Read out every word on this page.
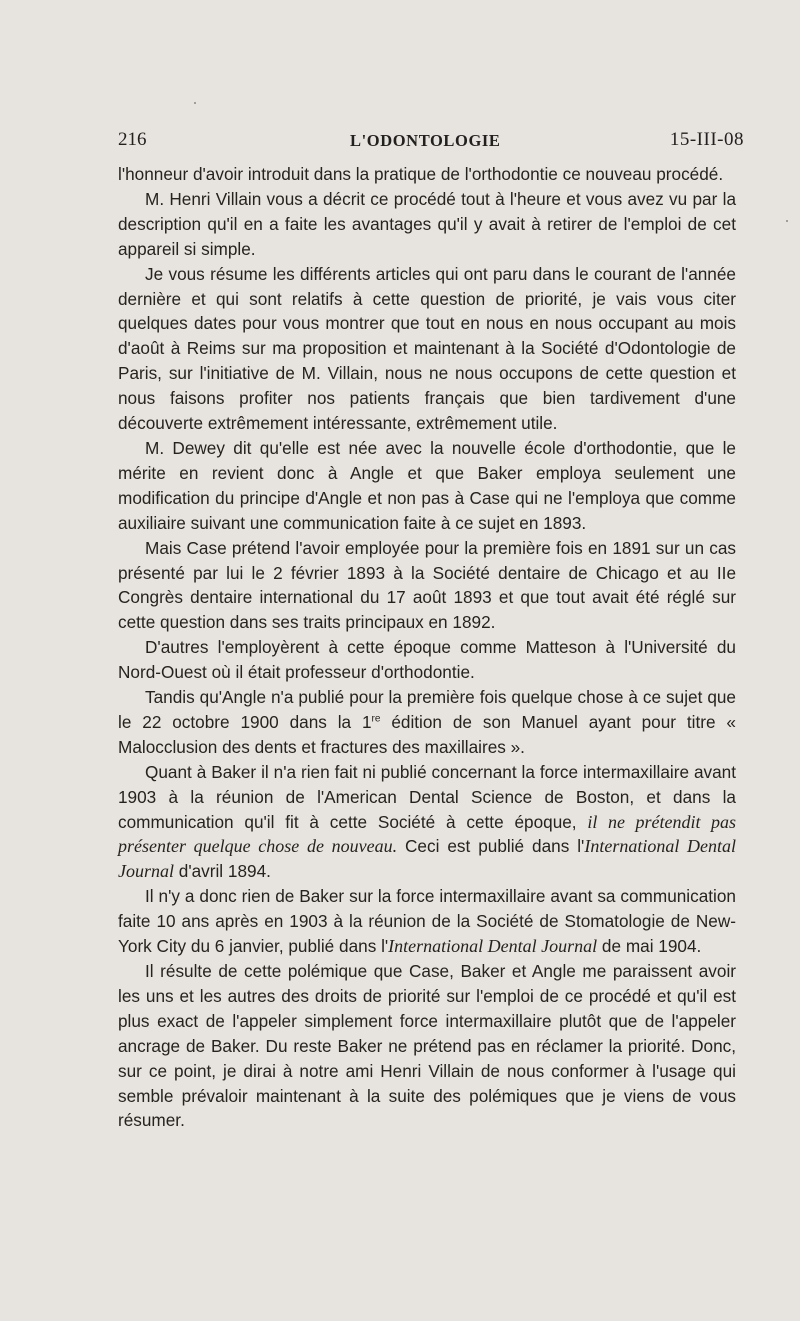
216	L'ODONTOLOGIE	15-III-08

l'honneur d'avoir introduit dans la pratique de l'orthodontie ce nouveau procédé.

M. Henri Villain vous a décrit ce procédé tout à l'heure et vous avez vu par la description qu'il en a faite les avantages qu'il y avait à retirer de l'emploi de cet appareil si simple.

Je vous résume les différents articles qui ont paru dans le courant de l'année dernière et qui sont relatifs à cette question de priorité, je vais vous citer quelques dates pour vous montrer que tout en nous en nous occupant au mois d'août à Reims sur ma proposition et maintenant à la Société d'Odontologie de Paris, sur l'initiative de M. Villain, nous ne nous occupons de cette question et nous faisons profiter nos patients français que bien tardivement d'une découverte extrêmement intéressante, extrêmement utile.

M. Dewey dit qu'elle est née avec la nouvelle école d'orthodontie, que le mérite en revient donc à Angle et que Baker employa seulement une modification du principe d'Angle et non pas à Case qui ne l'employa que comme auxiliaire suivant une communication faite à ce sujet en 1893.

Mais Case prétend l'avoir employée pour la première fois en 1891 sur un cas présenté par lui le 2 février 1893 à la Société dentaire de Chicago et au IIe Congrès dentaire international du 17 août 1893 et que tout avait été réglé sur cette question dans ses traits principaux en 1892.

D'autres l'employèrent à cette époque comme Matteson à l'Université du Nord-Ouest où il était professeur d'orthodontie.

Tandis qu'Angle n'a publié pour la première fois quelque chose à ce sujet que le 22 octobre 1900 dans la 1re édition de son Manuel ayant pour titre « Malocclusion des dents et fractures des maxillaires ».

Quant à Baker il n'a rien fait ni publié concernant la force intermaxillaire avant 1903 à la réunion de l'American Dental Science de Boston, et dans la communication qu'il fit à cette Société à cette époque, il ne prétendit pas présenter quelque chose de nouveau. Ceci est publié dans l'International Dental Journal d'avril 1894.

Il n'y a donc rien de Baker sur la force intermaxillaire avant sa communication faite 10 ans après en 1903 à la réunion de la Société de Stomatologie de New-York City du 6 janvier, publié dans l'International Dental Journal de mai 1904.

Il résulte de cette polémique que Case, Baker et Angle me paraissent avoir les uns et les autres des droits de priorité sur l'emploi de ce procédé et qu'il est plus exact de l'appeler simplement force intermaxillaire plutôt que de l'appeler ancrage de Baker. Du reste Baker ne prétend pas en réclamer la priorité. Donc, sur ce point, je dirai à notre ami Henri Villain de nous conformer à l'usage qui semble prévaloir maintenant à la suite des polémiques que je viens de vous résumer.
